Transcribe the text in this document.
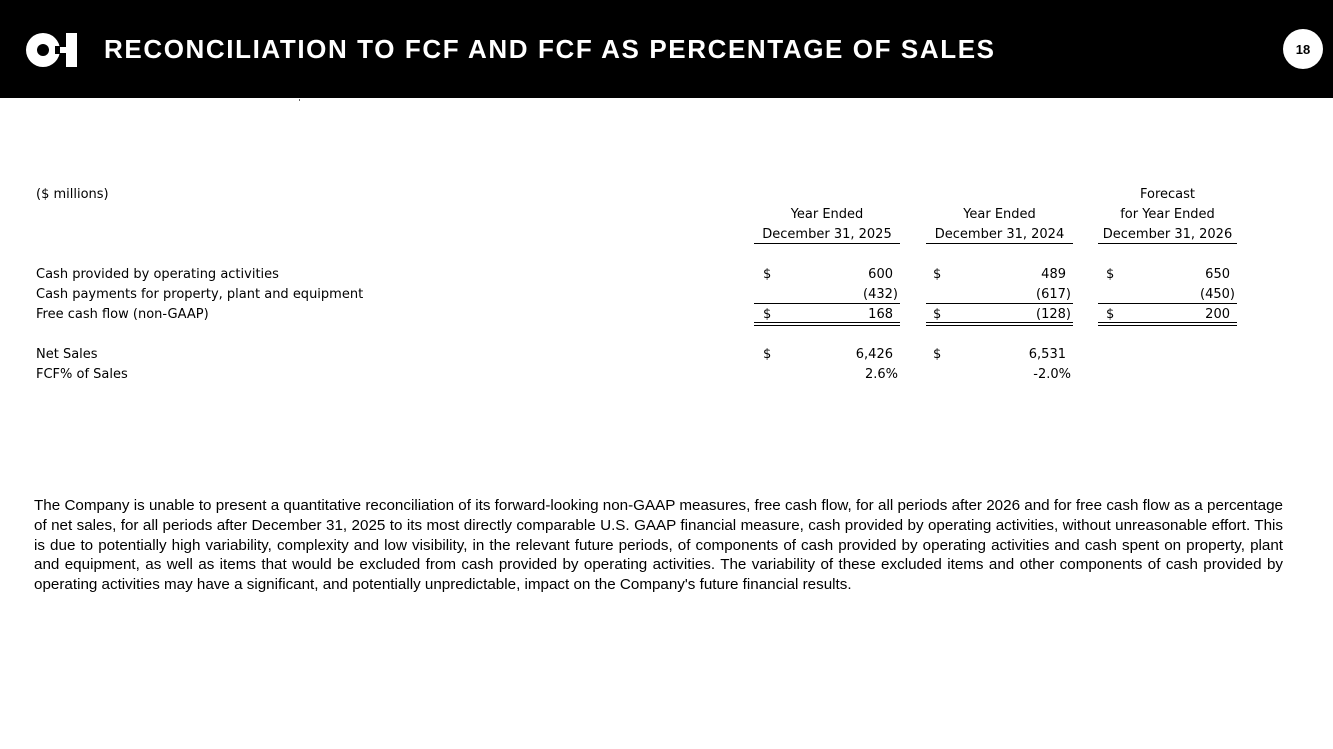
RECONCILIATION TO FCF AND FCF AS PERCENTAGE OF SALES	18
($ millions)
Year Ended
December 31, 2025
Year Ended
December 31, 2024
Forecast
for Year Ended
December 31, 2026
Cash provided by operating activities	$	600	$	489	$	650
Cash payments for property, plant and equipment	(432)	(617)	(450)
Free cash flow (non-GAAP)	$	168	$	(128)	$	200
Net Sales	$	6,426	$	6,531
FCF% of Sales	2.6%	-2.0%
The Company is unable to present a quantitative reconciliation of its forward-looking non-GAAP measures, free cash flow, for all periods after 2026 and for free cash flow as a percentage of net sales, for all periods after December 31, 2025 to its most directly comparable U.S. GAAP financial measure, cash provided by operating activities, without unreasonable effort. This is due to potentially high variability, complexity and low visibility, in the relevant future periods, of components of cash provided by operating activities and cash spent on property, plant and equipment, as well as items that would be excluded from cash provided by operating activities. The variability of these excluded items and other components of cash provided by operating activities may have a significant, and potentially unpredictable, impact on the Company's future financial results.
